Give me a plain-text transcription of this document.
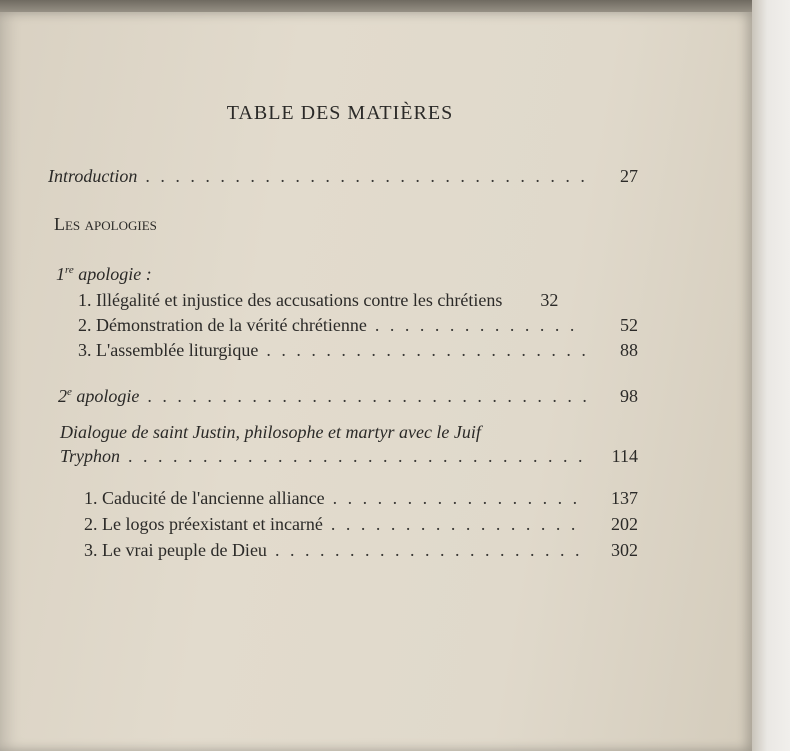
TABLE DES MATIÈRES
Introduction . . .	27
Les apologies
1re apologie :
1. Illégalité et injustice des accusations contre les chrétiens	32
2. Démonstration de la vérité chrétienne . . .	52
3. L'assemblée liturgique . . .	88
2e apologie . . .	98
Dialogue de saint Justin, philosophe et martyr avec le Juif
Tryphon . . .	114
1. Caducité de l'ancienne alliance . . .	137
2. Le logos préexistant et incarné . . .	202
3. Le vrai peuple de Dieu . . .	302
